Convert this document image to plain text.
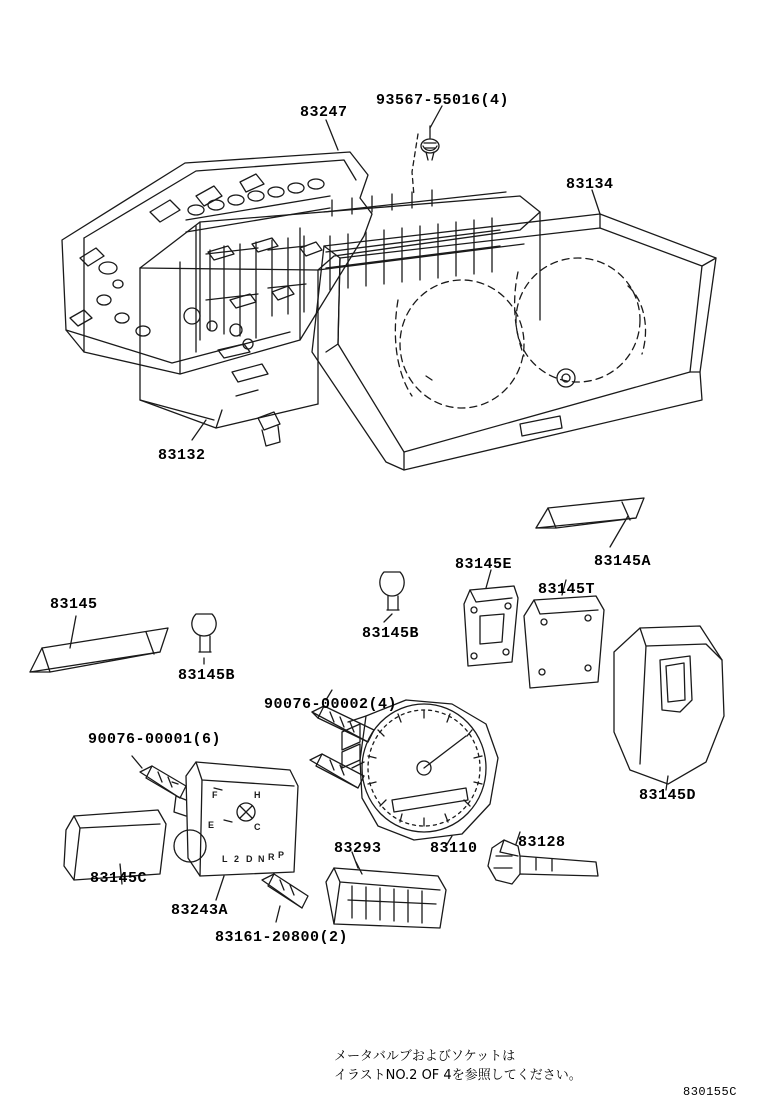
F
E
H
C
L 2 D N R P
93567-55016(4)
83247
83134
83132
83145E	83145A
83145T
83145
83145B
83145B
90076-00002(4)
83145D
90076-00001(6)
83293	83110	83128
83145C
83243A
83161-20800(2)
メータバルブおよびソケットは
イラストNO.2 OF 4を参照してください。
830155C
